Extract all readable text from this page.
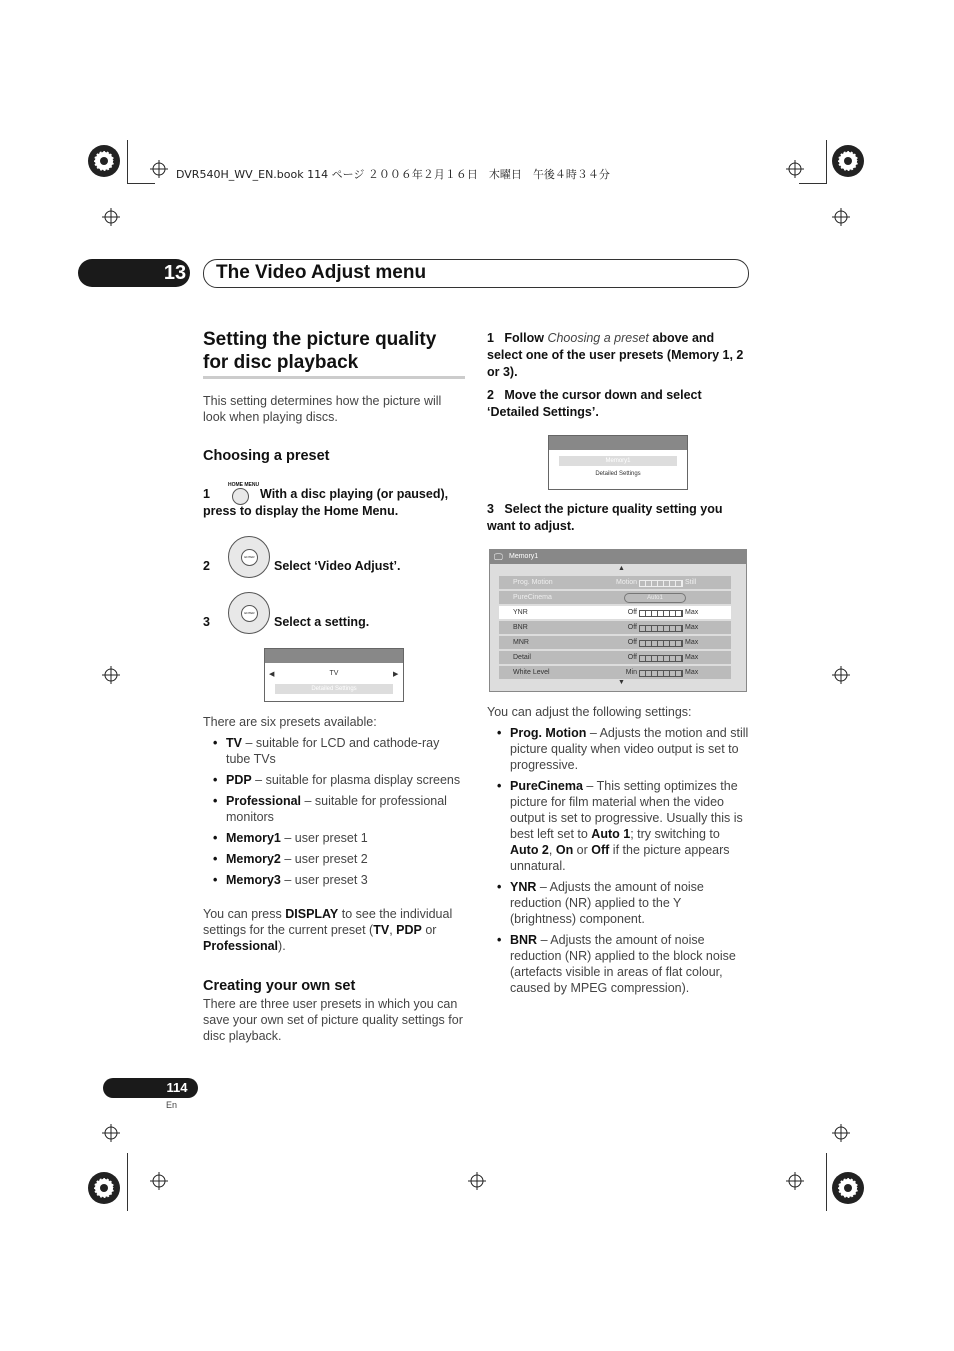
DVR540H_WV_EN.book 114 ページ ２００６年２月１６日　木曜日　午後４時３４分
13 The Video Adjust menu
Setting the picture quality for disc playback
This setting determines how the picture will look when playing discs.
Choosing a preset
HOME MENU
1	With a disc playing (or paused), press to display the Home Menu.
ENTER
2	Select ‘Video Adjust’.
ENTER
3	Select a setting.
◀	▶
TV
Detailed Settings
There are six presets available:
• TV – suitable for LCD and cathode-ray tube TVs
• PDP – suitable for plasma display screens
• Professional – suitable for professional monitors
• Memory1 – user preset 1
• Memory2 – user preset 2
• Memory3 – user preset 3
You can press DISPLAY to see the individual settings for the current preset (TV, PDP or Professional).
Creating your own set
There are three user presets in which you can save your own set of picture quality settings for disc playback.
1 Follow Choosing a preset above and select one of the user presets (Memory 1, 2 or 3).
2 Move the cursor down and select ‘Detailed Settings’.
Memory1
Detailed Settings
3 Select the picture quality setting you want to adjust.
🖵 Memory1
▲
Prog. Motion	Motion	Still
PureCinema	Auto1
YNR	Off	Max
BNR	Off	Max
MNR	Off	Max
Detail	Off	Max
White Level	Min	Max
▼
You can adjust the following settings:
• Prog. Motion – Adjusts the motion and still picture quality when video output is set to progressive.
• PureCinema – This setting optimizes the picture for film material when the video output is set to progressive. Usually this is best left set to Auto 1; try switching to Auto 2, On or Off if the picture appears unnatural.
• YNR – Adjusts the amount of noise reduction (NR) applied to the Y (brightness) component.
• BNR – Adjusts the amount of noise reduction (NR) applied to the block noise (artefacts visible in areas of flat colour, caused by MPEG compression).
114
En
